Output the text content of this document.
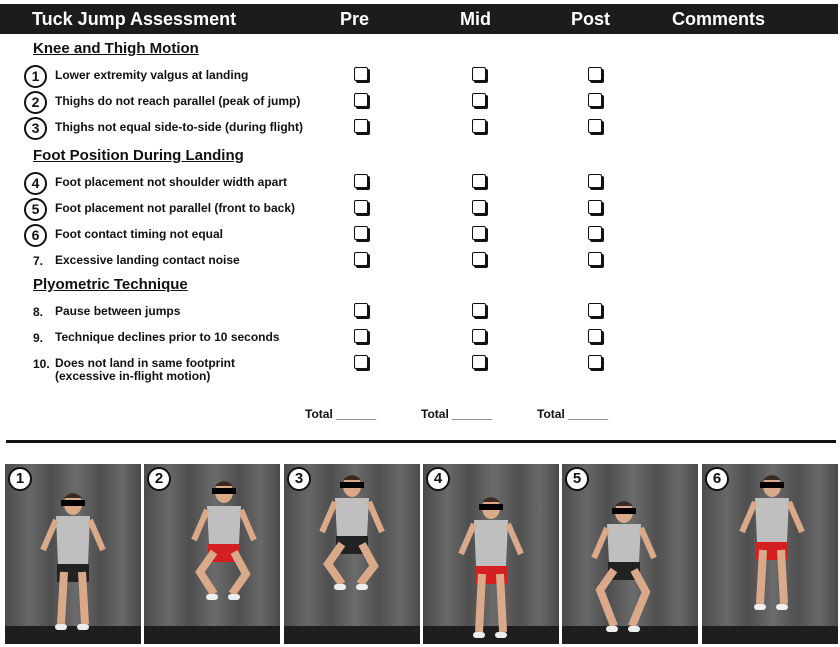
Tuck Jump Assessment	Pre	Mid	Post	Comments
Knee and Thigh Motion
1	Lower extremity valgus at landing
2	Thighs do not reach parallel (peak of jump)
3	Thighs not equal side-to-side (during flight)
Foot Position During Landing
4	Foot placement not shoulder width apart
5	Foot placement not parallel (front to back)
6	Foot contact timing not equal
7. Excessive landing contact noise
Plyometric Technique
8. Pause between jumps
9. Technique declines prior to 10 seconds
10. Does not land in same footprint
(excessive in-flight motion)
Total ______	Total ______	Total ______
1	2	3	4	5	6
